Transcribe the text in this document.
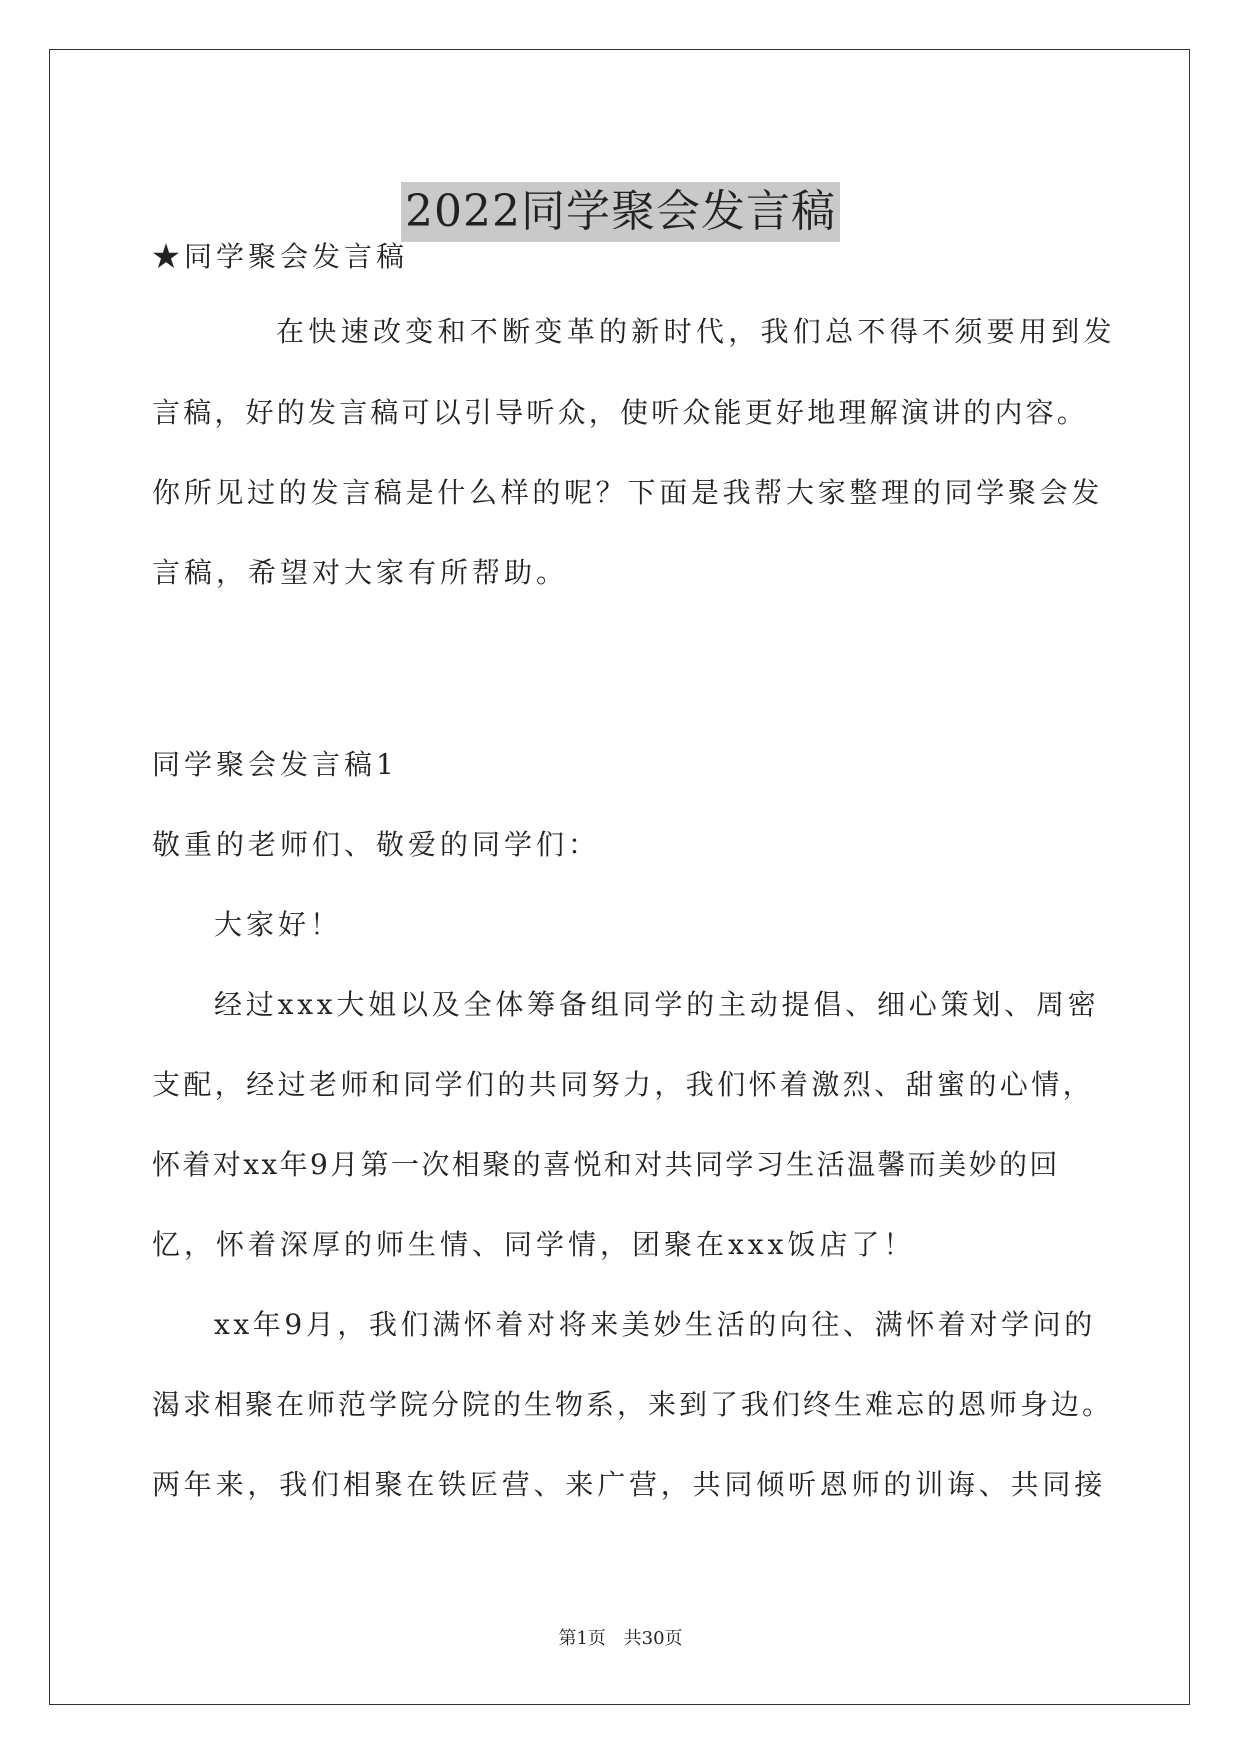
2022同学聚会发言稿
★同学聚会发言稿
在快速改变和不断变革的新时代，我们总不得不须要用到发
言稿，好的发言稿可以引导听众，使听众能更好地理解演讲的内容。
你所见过的发言稿是什么样的呢？下面是我帮大家整理的同学聚会发
言稿，希望对大家有所帮助。
同学聚会发言稿1
敬重的老师们、敬爱的同学们：
大家好！
经过xxx大姐以及全体筹备组同学的主动提倡、细心策划、周密
支配，经过老师和同学们的共同努力，我们怀着激烈、甜蜜的心情，
怀着对xx年9月第一次相聚的喜悦和对共同学习生活温馨而美妙的回
忆，怀着深厚的师生情、同学情，团聚在xxx饭店了！
xx年9月，我们满怀着对将来美妙生活的向往、满怀着对学问的
渴求相聚在师范学院分院的生物系，来到了我们终生难忘的恩师身边。
两年来，我们相聚在铁匠营、来广营，共同倾听恩师的训诲、共同接
第1页 共30页
